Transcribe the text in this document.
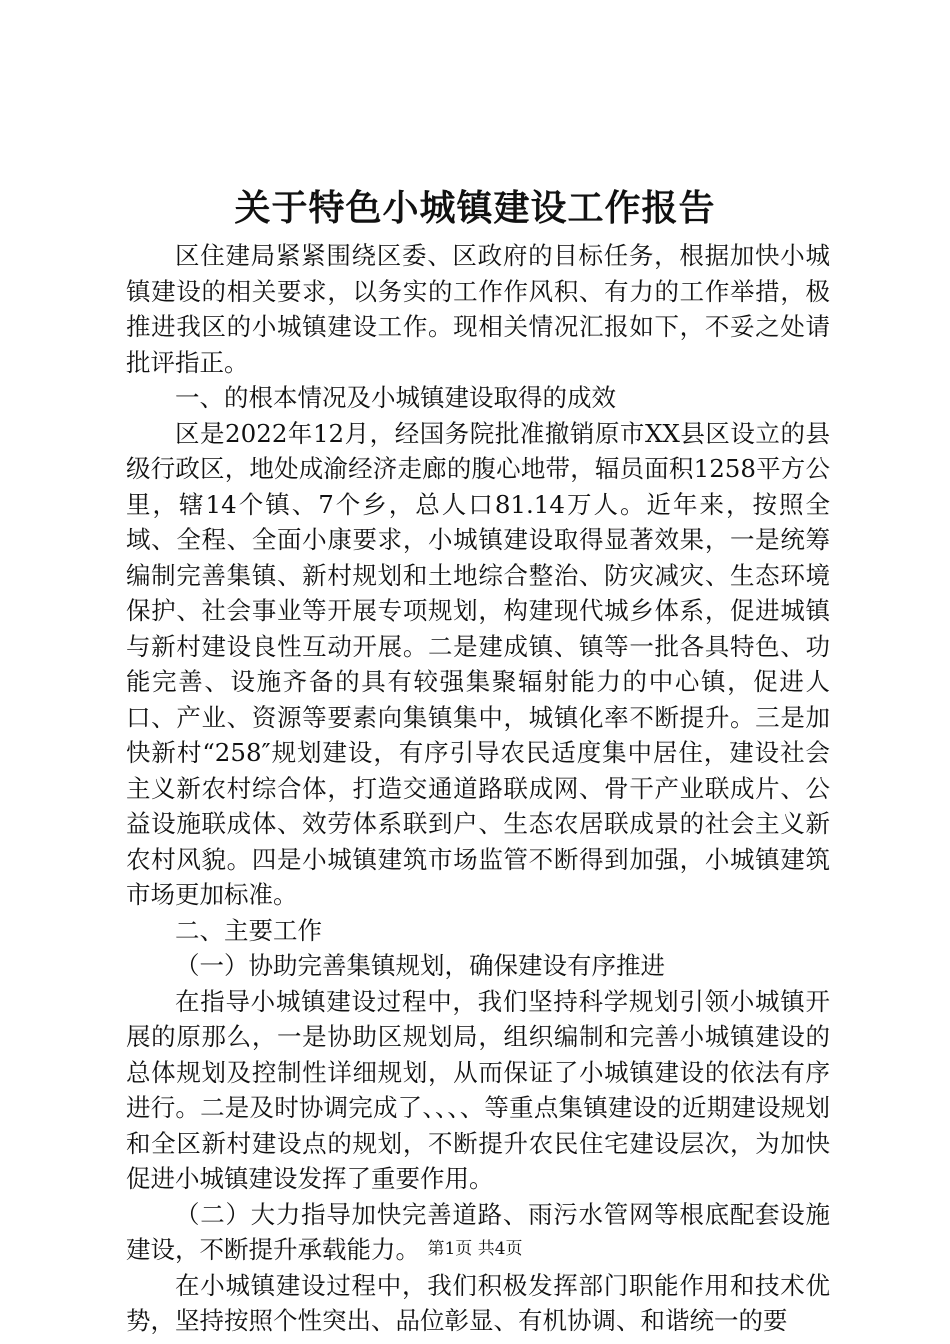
关于特色小城镇建设工作报告

区住建局紧紧围绕区委、区政府的目标任务，根据加快小城镇建设的相关要求，以务实的工作作风积、有力的工作举措，极推进我区的小城镇建设工作。现相关情况汇报如下，不妥之处请批评指正。

一、的根本情况及小城镇建设取得的成效

区是2022年12月，经国务院批准撤销原市XX县区设立的县级行政区，地处成渝经济走廊的腹心地带，辐员面积1258平方公里，辖14个镇、7个乡，总人口81.14万人。近年来，按照全域、全程、全面小康要求，小城镇建设取得显著效果，一是统筹编制完善集镇、新村规划和土地综合整治、防灾减灾、生态环境保护、社会事业等开展专项规划，构建现代城乡体系，促进城镇与新村建设良性互动开展。二是建成镇、镇等一批各具特色、功能完善、设施齐备的具有较强集聚辐射能力的中心镇，促进人口、产业、资源等要素向集镇集中，城镇化率不断提升。三是加快新村“258″规划建设，有序引导农民适度集中居住，建设社会主义新农村综合体，打造交通道路联成网、骨干产业联成片、公益设施联成体、效劳体系联到户、生态农居联成景的社会主义新农村风貌。四是小城镇建筑市场监管不断得到加强，小城镇建筑市场更加标准。

二、主要工作

（一）协助完善集镇规划，确保建设有序推进

在指导小城镇建设过程中，我们坚持科学规划引领小城镇开展的原那么，一是协助区规划局，组织编制和完善小城镇建设的总体规划及控制性详细规划，从而保证了小城镇建设的依法有序进行。二是及时协调完成了、、、、等重点集镇建设的近期建设规划和全区新村建设点的规划，不断提升农民住宅建设层次，为加快促进小城镇建设发挥了重要作用。

（二）大力指导加快完善道路、雨污水管网等根底配套设施建设，不断提升承载能力。

在小城镇建设过程中，我们积极发挥部门职能作用和技术优势，坚持按照个性突出、品位彰显、有机协调、和谐统一的要

第1页 共4页
